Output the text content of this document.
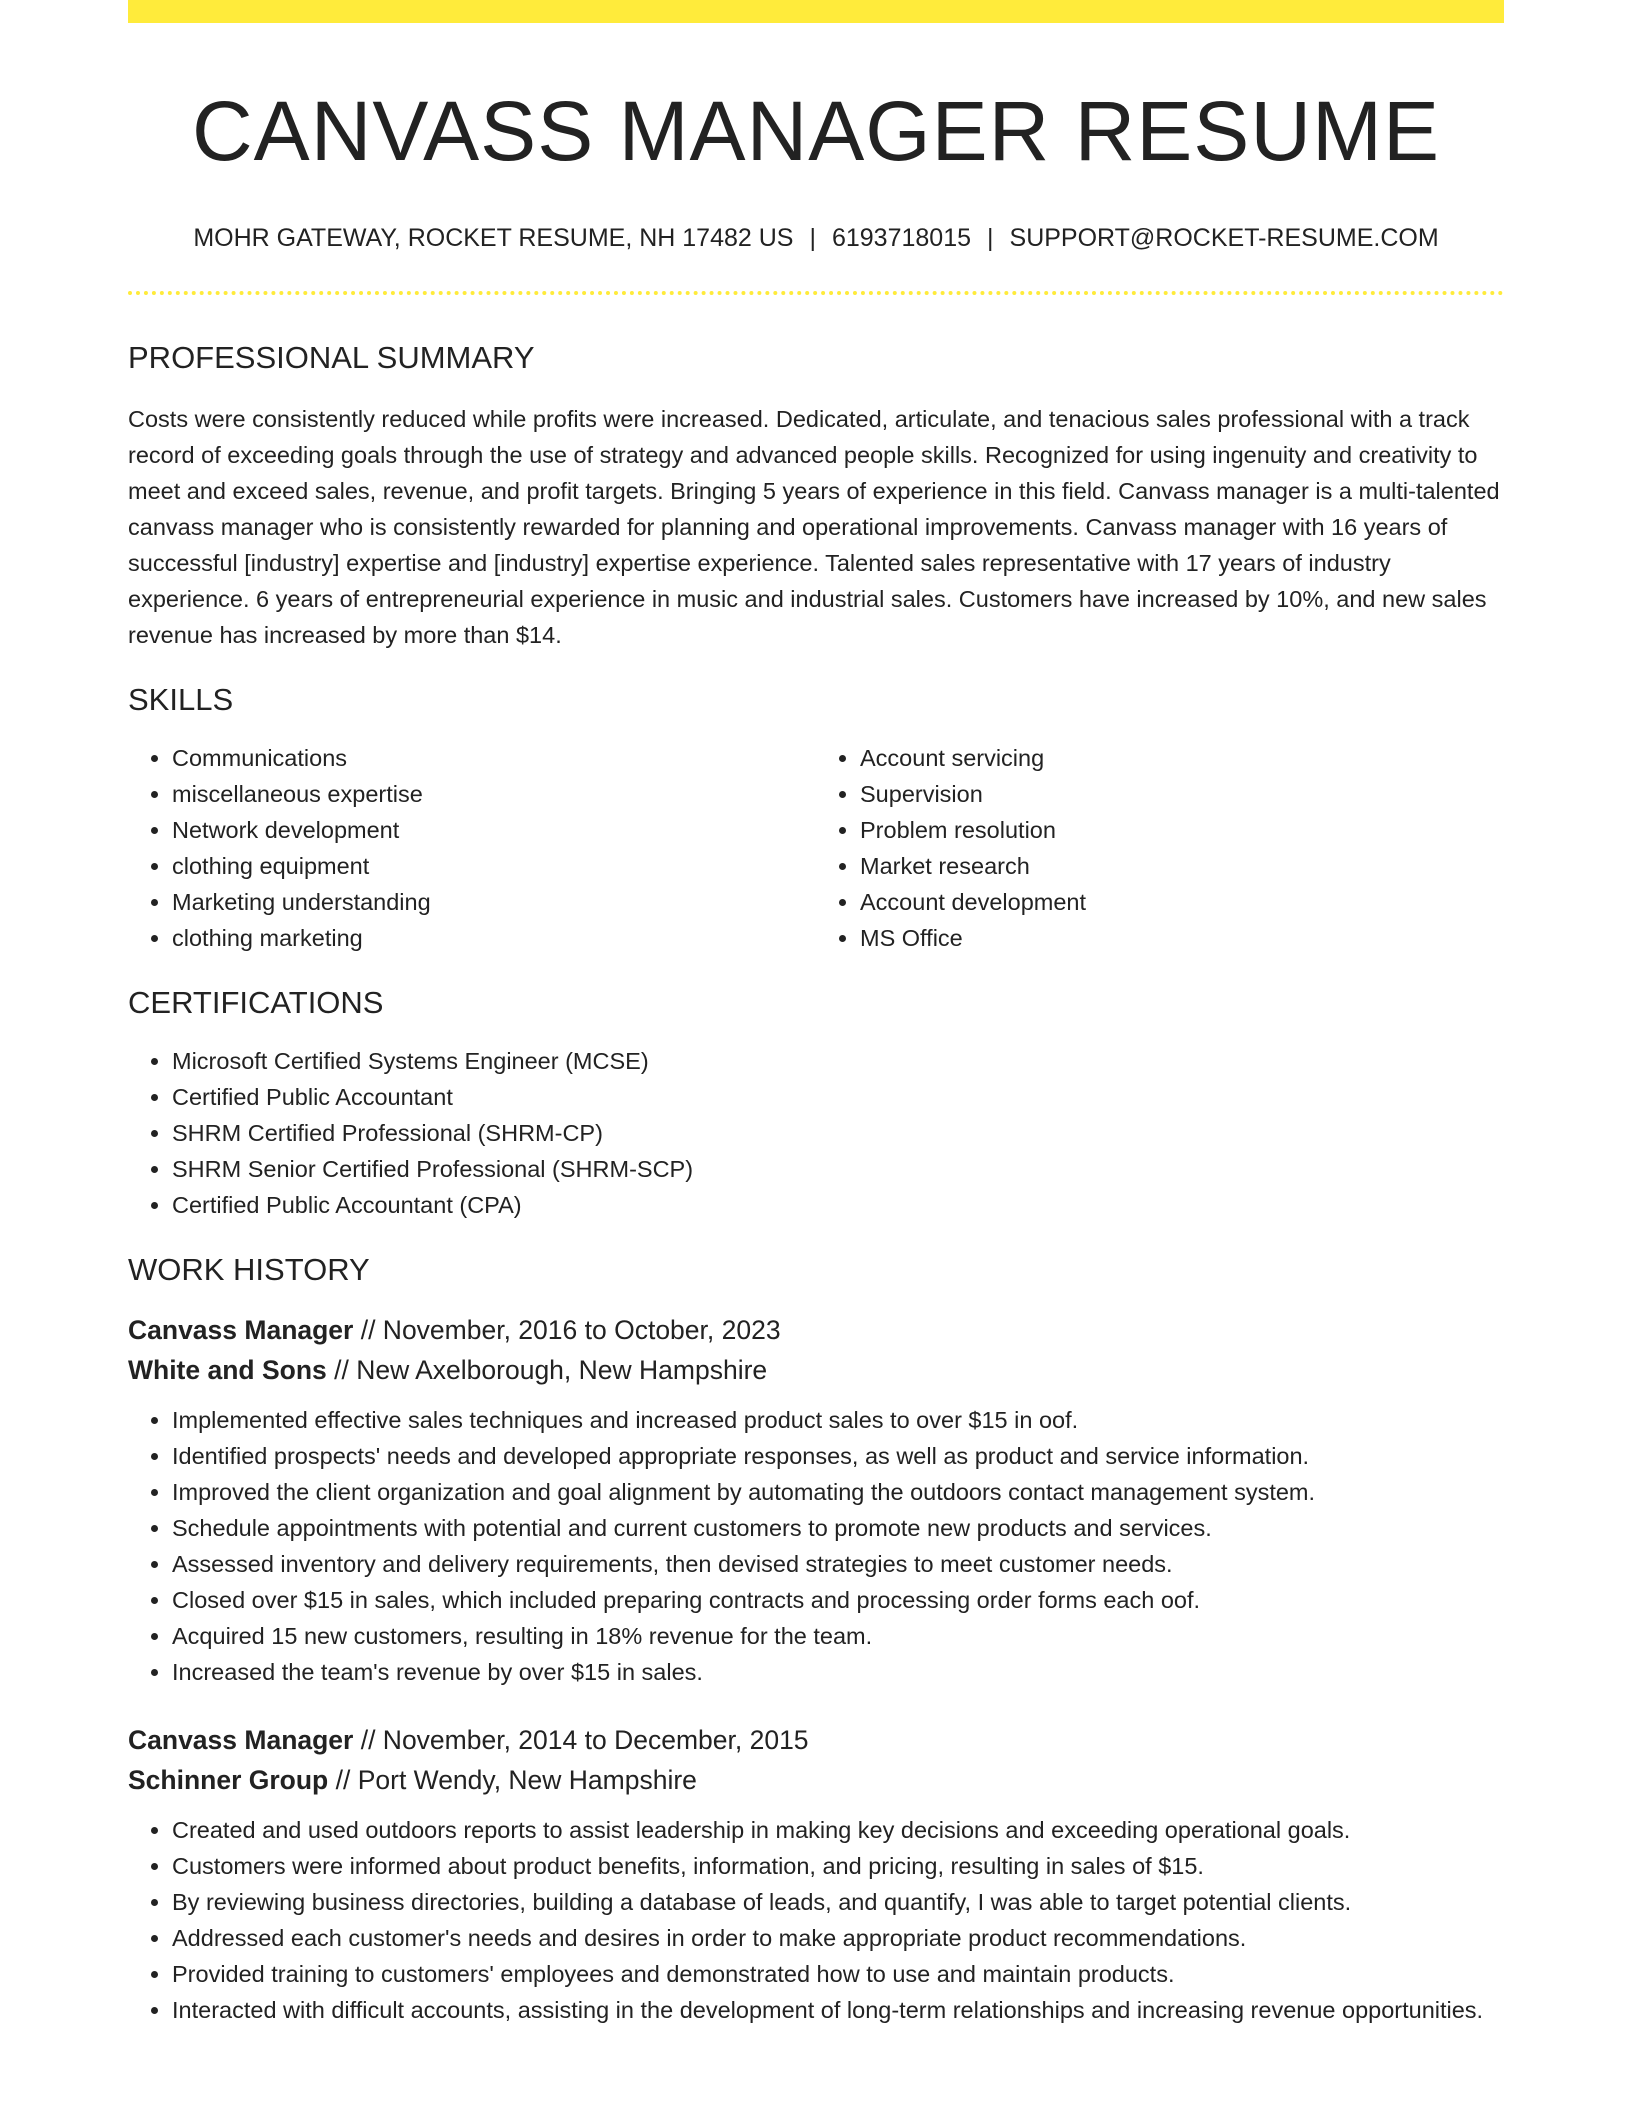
CANVASS MANAGER RESUME
MOHR GATEWAY, ROCKET RESUME, NH 17482 US | 6193718015 | SUPPORT@ROCKET-RESUME.COM
PROFESSIONAL SUMMARY
Costs were consistently reduced while profits were increased. Dedicated, articulate, and tenacious sales professional with a track record of exceeding goals through the use of strategy and advanced people skills. Recognized for using ingenuity and creativity to meet and exceed sales, revenue, and profit targets. Bringing 5 years of experience in this field. Canvass manager is a multi-talented canvass manager who is consistently rewarded for planning and operational improvements. Canvass manager with 16 years of successful [industry] expertise and [industry] expertise experience. Talented sales representative with 17 years of industry experience. 6 years of entrepreneurial experience in music and industrial sales. Customers have increased by 10%, and new sales revenue has increased by more than $14.
SKILLS
• Communications
• miscellaneous expertise
• Network development
• clothing equipment
• Marketing understanding
• clothing marketing
• Account servicing
• Supervision
• Problem resolution
• Market research
• Account development
• MS Office
CERTIFICATIONS
• Microsoft Certified Systems Engineer (MCSE)
• Certified Public Accountant
• SHRM Certified Professional (SHRM-CP)
• SHRM Senior Certified Professional (SHRM-SCP)
• Certified Public Accountant (CPA)
WORK HISTORY
Canvass Manager // November, 2016 to October, 2023
White and Sons // New Axelborough, New Hampshire
• Implemented effective sales techniques and increased product sales to over $15 in oof.
• Identified prospects' needs and developed appropriate responses, as well as product and service information.
• Improved the client organization and goal alignment by automating the outdoors contact management system.
• Schedule appointments with potential and current customers to promote new products and services.
• Assessed inventory and delivery requirements, then devised strategies to meet customer needs.
• Closed over $15 in sales, which included preparing contracts and processing order forms each oof.
• Acquired 15 new customers, resulting in 18% revenue for the team.
• Increased the team's revenue by over $15 in sales.
Canvass Manager // November, 2014 to December, 2015
Schinner Group // Port Wendy, New Hampshire
• Created and used outdoors reports to assist leadership in making key decisions and exceeding operational goals.
• Customers were informed about product benefits, information, and pricing, resulting in sales of $15.
• By reviewing business directories, building a database of leads, and quantify, I was able to target potential clients.
• Addressed each customer's needs and desires in order to make appropriate product recommendations.
• Provided training to customers' employees and demonstrated how to use and maintain products.
• Interacted with difficult accounts, assisting in the development of long-term relationships and increasing revenue opportunities.
